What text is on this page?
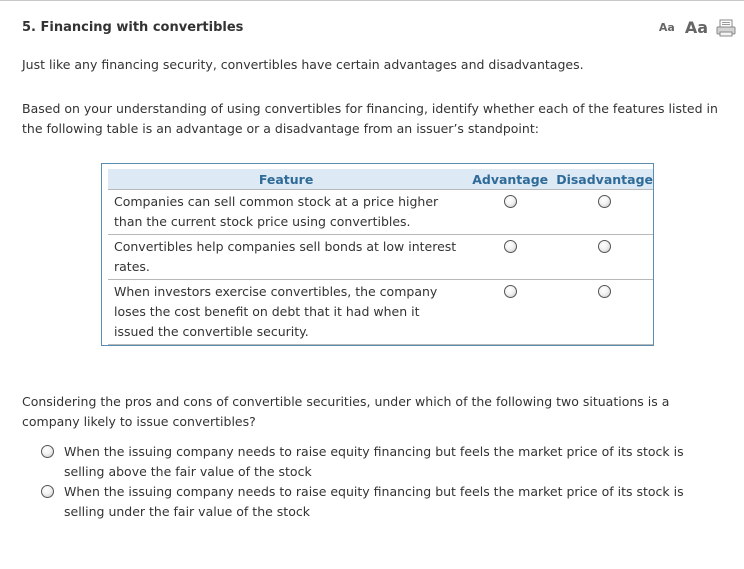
5. Financing with convertibles	Aa Aa
Just like any financing security, convertibles have certain advantages and disadvantages.
Based on your understanding of using convertibles for financing, identify whether each of the features listed in the following table is an advantage or a disadvantage from an issuer’s standpoint:
Feature	Advantage	Disadvantage
Companies can sell common stock at a price higher than the current stock price using convertibles.		
Convertibles help companies sell bonds at low interest rates.		
When investors exercise convertibles, the company loses the cost benefit on debt that it had when it issued the convertible security.		
Considering the pros and cons of convertible securities, under which of the following two situations is a company likely to issue convertibles?
When the issuing company needs to raise equity financing but feels the market price of its stock is selling above the fair value of the stock
When the issuing company needs to raise equity financing but feels the market price of its stock is selling under the fair value of the stock
